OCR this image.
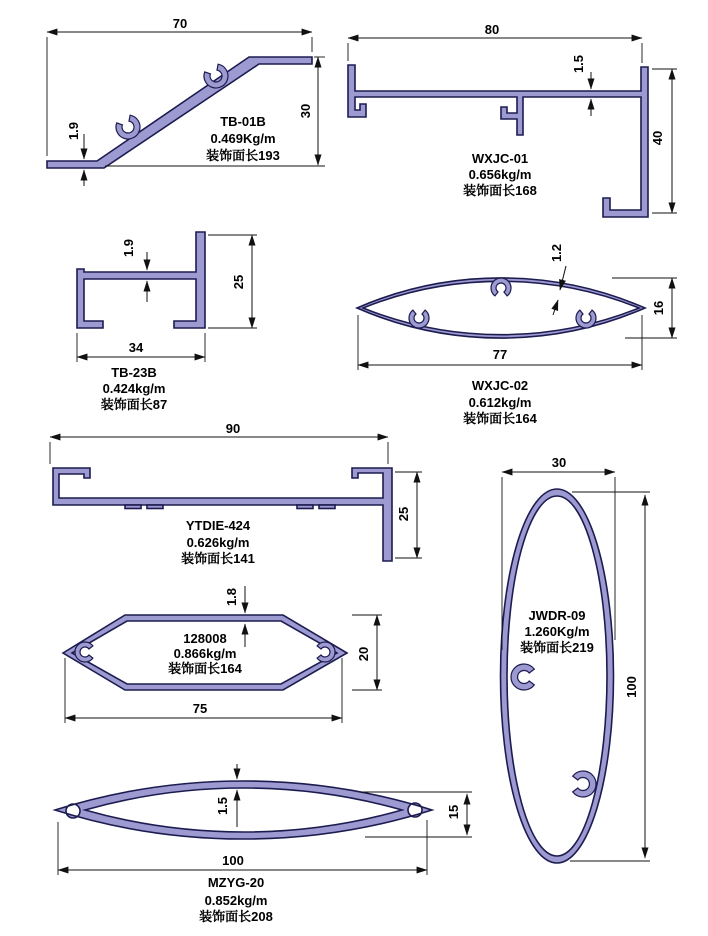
70
30
1.9
TB-01B
0.469Kg/m
装饰面长193
80
40
1.5
WXJC-01
0.656kg/m
装饰面长168
34
25
1.9
TB-23B
0.424kg/m
装饰面长87
77
16
1.2
WXJC-02
0.612kg/m
装饰面长164
90
25
YTDIE-424
0.626kg/m
装饰面长141
75
20
1.8
128008
0.866kg/m
装饰面长164
30
100
JWDR-09
1.260Kg/m
装饰面长219
100
15
1.5
MZYG-20
0.852kg/m
装饰面长208
